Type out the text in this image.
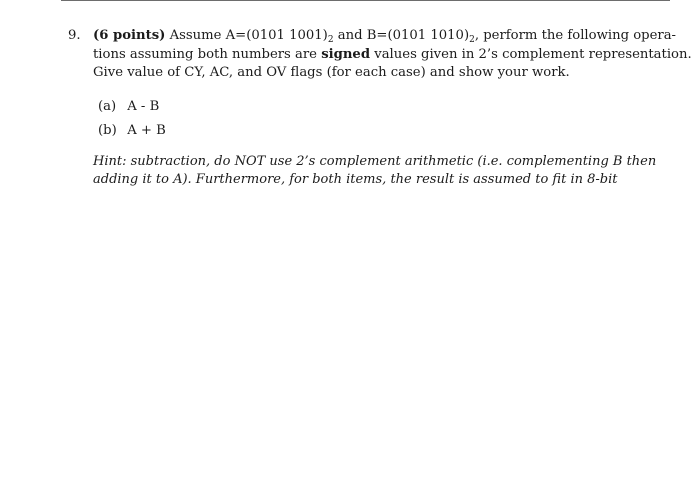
9. (6 points) Assume A=(0101 $1001)_2$ and B=(0101 $1010)_2$, perform the following opera-
tions assuming both numbers are signed values given in 2’s complement representation.
Give value of CY, AC, and OV flags (for each case) and show your work.
(a) A - B
(b) A + B
Hint: subtraction, do NOT use 2’s complement arithmetic (i.e. complementing B then
adding it to A). Furthermore, for both items, the result is assumed to fit in 8-bit
